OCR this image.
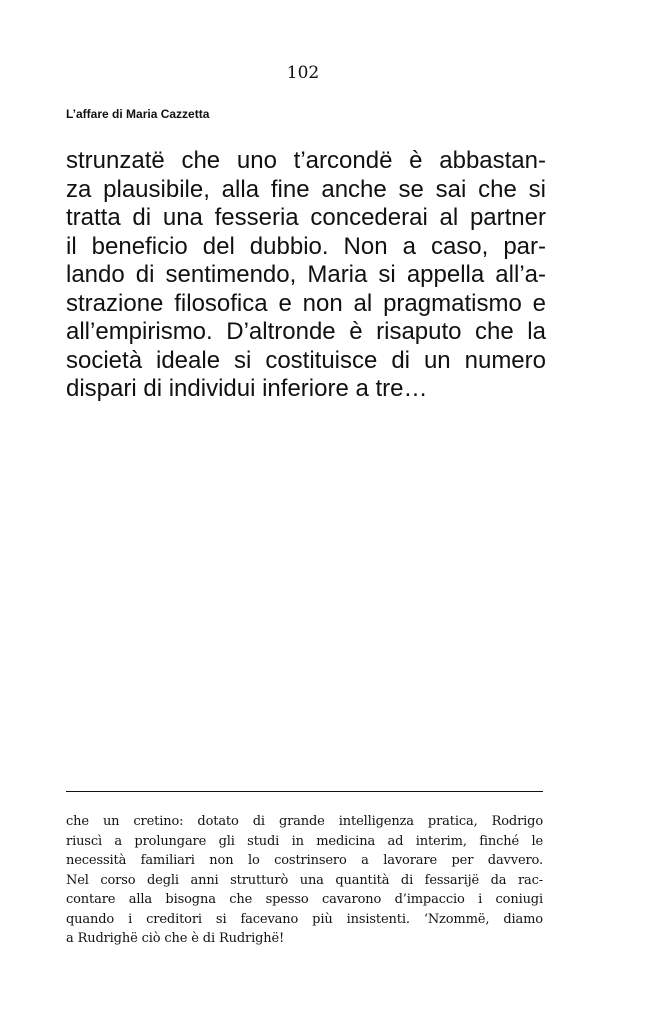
102
L’affare di Maria Cazzetta
strunzatë che uno t’arcondë è abbastan-
za plausibile, alla fine anche se sai che si
tratta di una fesseria concederai al partner
il beneficio del dubbio. Non a caso, par-
lando di sentimendo, Maria si appella all’a-
strazione filosofica e non al pragmatismo e
all’empirismo. D’altronde è risaputo che la
società ideale si costituisce di un numero
dispari di individui inferiore a tre…
che un cretino: dotato di grande intelligenza pratica, Rodrigo
riuscì a prolungare gli studi in medicina ad interim, finché le
necessità familiari non lo costrinsero a lavorare per davvero.
Nel corso degli anni strutturò una quantità di fessarijë da rac-
contare alla bisogna che spesso cavarono d’impaccio i coniugi
quando i creditori si facevano più insistenti. ‘Nzommë, diamo
a Rudrighë ciò che è di Rudrighë!
